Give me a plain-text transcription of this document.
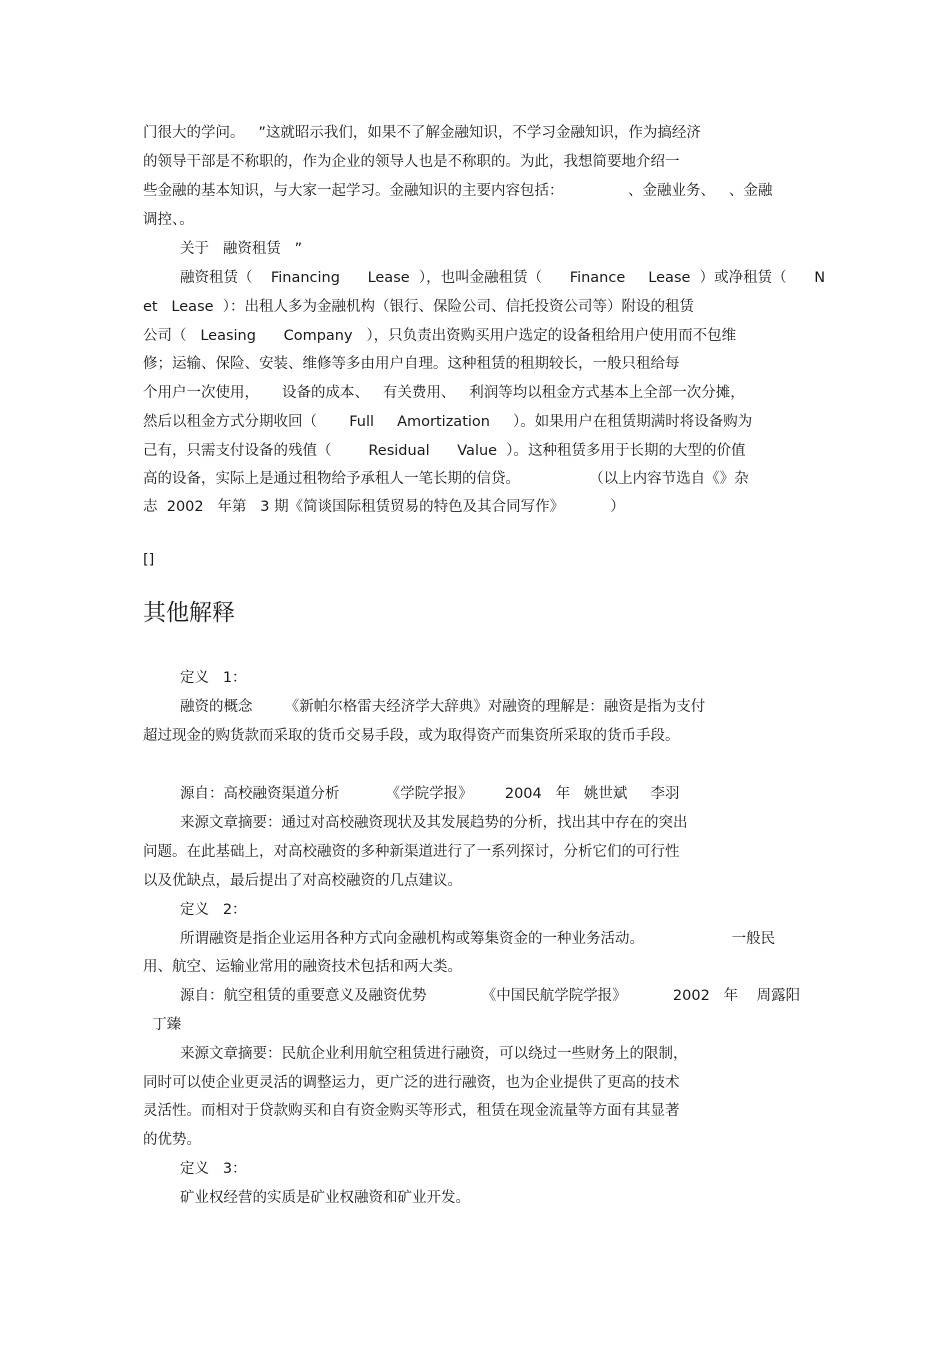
门很大的学问。   ”这就昭示我们，如果不了解金融知识，不学习金融知识，作为搞经济
的领导干部是不称职的，作为企业的领导人也是不称职的。为此，我想简要地介绍一
些金融的基本知识，与大家一起学习。金融知识的主要内容包括：              、金融业务、   、金融
调控、。
关于   融资租赁   ”
融资租赁（    Financing      Lease  ），也叫金融租赁（      Finance     Lease  ）或净租赁（      N
et   Lease  ）：出租人多为金融机构（银行、保险公司、信托投资公司等）附设的租赁
公司（   Leasing      Company   ），只负责出资购买用户选定的设备租给用户使用而不包维
修；运输、保险、安装、维修等多由用户自理。这种租赁的租期较长，一般只租给每
个用户一次使用，     设备的成本、   有关费用、   利润等均以租金方式基本上全部一次分摊，
然后以租金方式分期收回（       Full     Amortization     ）。如果用户在租赁期满时将设备购为
己有，只需支付设备的残值（        Residual      Value  ）。这种租赁多用于长期的大型的价值
高的设备，实际上是通过租物给予承租人一笔长期的信贷。               （以上内容节选自《》杂
志  2002   年第   3 期《简谈国际租赁贸易的特色及其合同写作》          ）
[]
其他解释
定义   1：
融资的概念       《新帕尔格雷夫经济学大辞典》对融资的理解是：融资是指为支付
超过现金的购货款而采取的货币交易手段，或为取得资产而集资所采取的货币手段。
源自：高校融资渠道分析          《学院学报》       2004   年   姚世斌     李羽
来源文章摘要：通过对高校融资现状及其发展趋势的分析，找出其中存在的突出
问题。在此基础上，对高校融资的多种新渠道进行了一系列探讨，分析它们的可行性
以及优缺点，最后提出了对高校融资的几点建议。
定义   2：
所谓融资是指企业运用各种方式向金融机构或筹集资金的一种业务活动。                   一般民
用、航空、运输业常用的融资技术包括和两大类。
源自：航空租赁的重要意义及融资优势            《中国民航学院学报》          2002   年    周露阳
丁臻
来源文章摘要：民航企业利用航空租赁进行融资，可以绕过一些财务上的限制，
同时可以使企业更灵活的调整运力，更广泛的进行融资，也为企业提供了更高的技术
灵活性。而相对于贷款购买和自有资金购买等形式，租赁在现金流量等方面有其显著
的优势。
定义   3：
矿业权经营的实质是矿业权融资和矿业开发。
